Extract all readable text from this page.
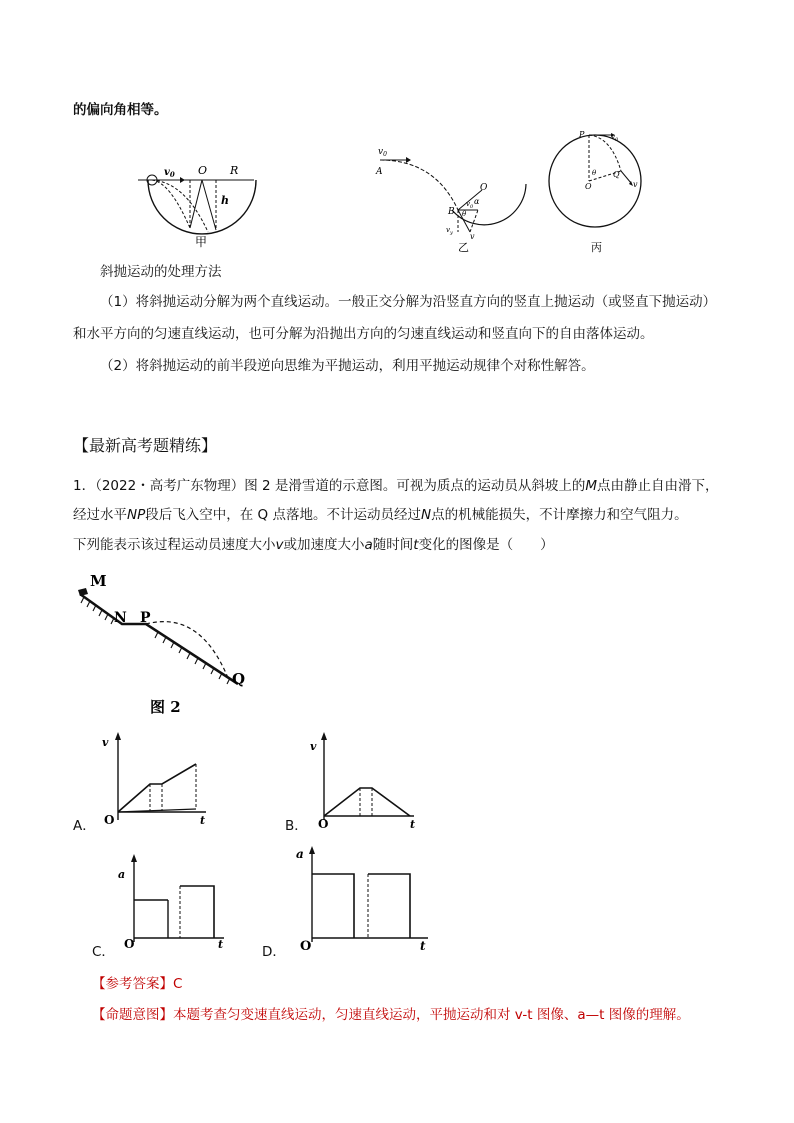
的偏向角相等。
$v_0$ O R
h
甲
$v_0$
A
O
α
B θ
$v_0$
$v_y$ v
乙
P	$v_0$
θ
O
Q
v
丙
斜抛运动的处理方法
（1）将斜抛运动分解为两个直线运动。一般正交分解为沿竖直方向的竖直上抛运动（或竖直下抛运动）
和水平方向的匀速直线运动，也可分解为沿抛出方向的匀速直线运动和竖直向下的自由落体运动。
（2）将斜抛运动的前半段逆向思维为平抛运动，利用平抛运动规律个对称性解答。
【最新高考题精练】
1．（2022・高考广东物理）图 2 是滑雪道的示意图。可视为质点的运动员从斜坡上的M点由静止自由滑下，
经过水平NP段后飞入空中，在 Q 点落地。不计运动员经过N点的机械能损失，不计摩擦力和空气阻力。
下列能表示该过程运动员速度大小v或加速度大小a随时间t变化的图像是（　　）
M
N P
Q
图 2
A．
v
t
O	B．
v
t
O
C．
a
t
O	D．
a
t
O
【参考答案】C
【命题意图】本题考查匀变速直线运动，匀速直线运动，平抛运动和对 v-t 图像、a—t 图像的理解。
